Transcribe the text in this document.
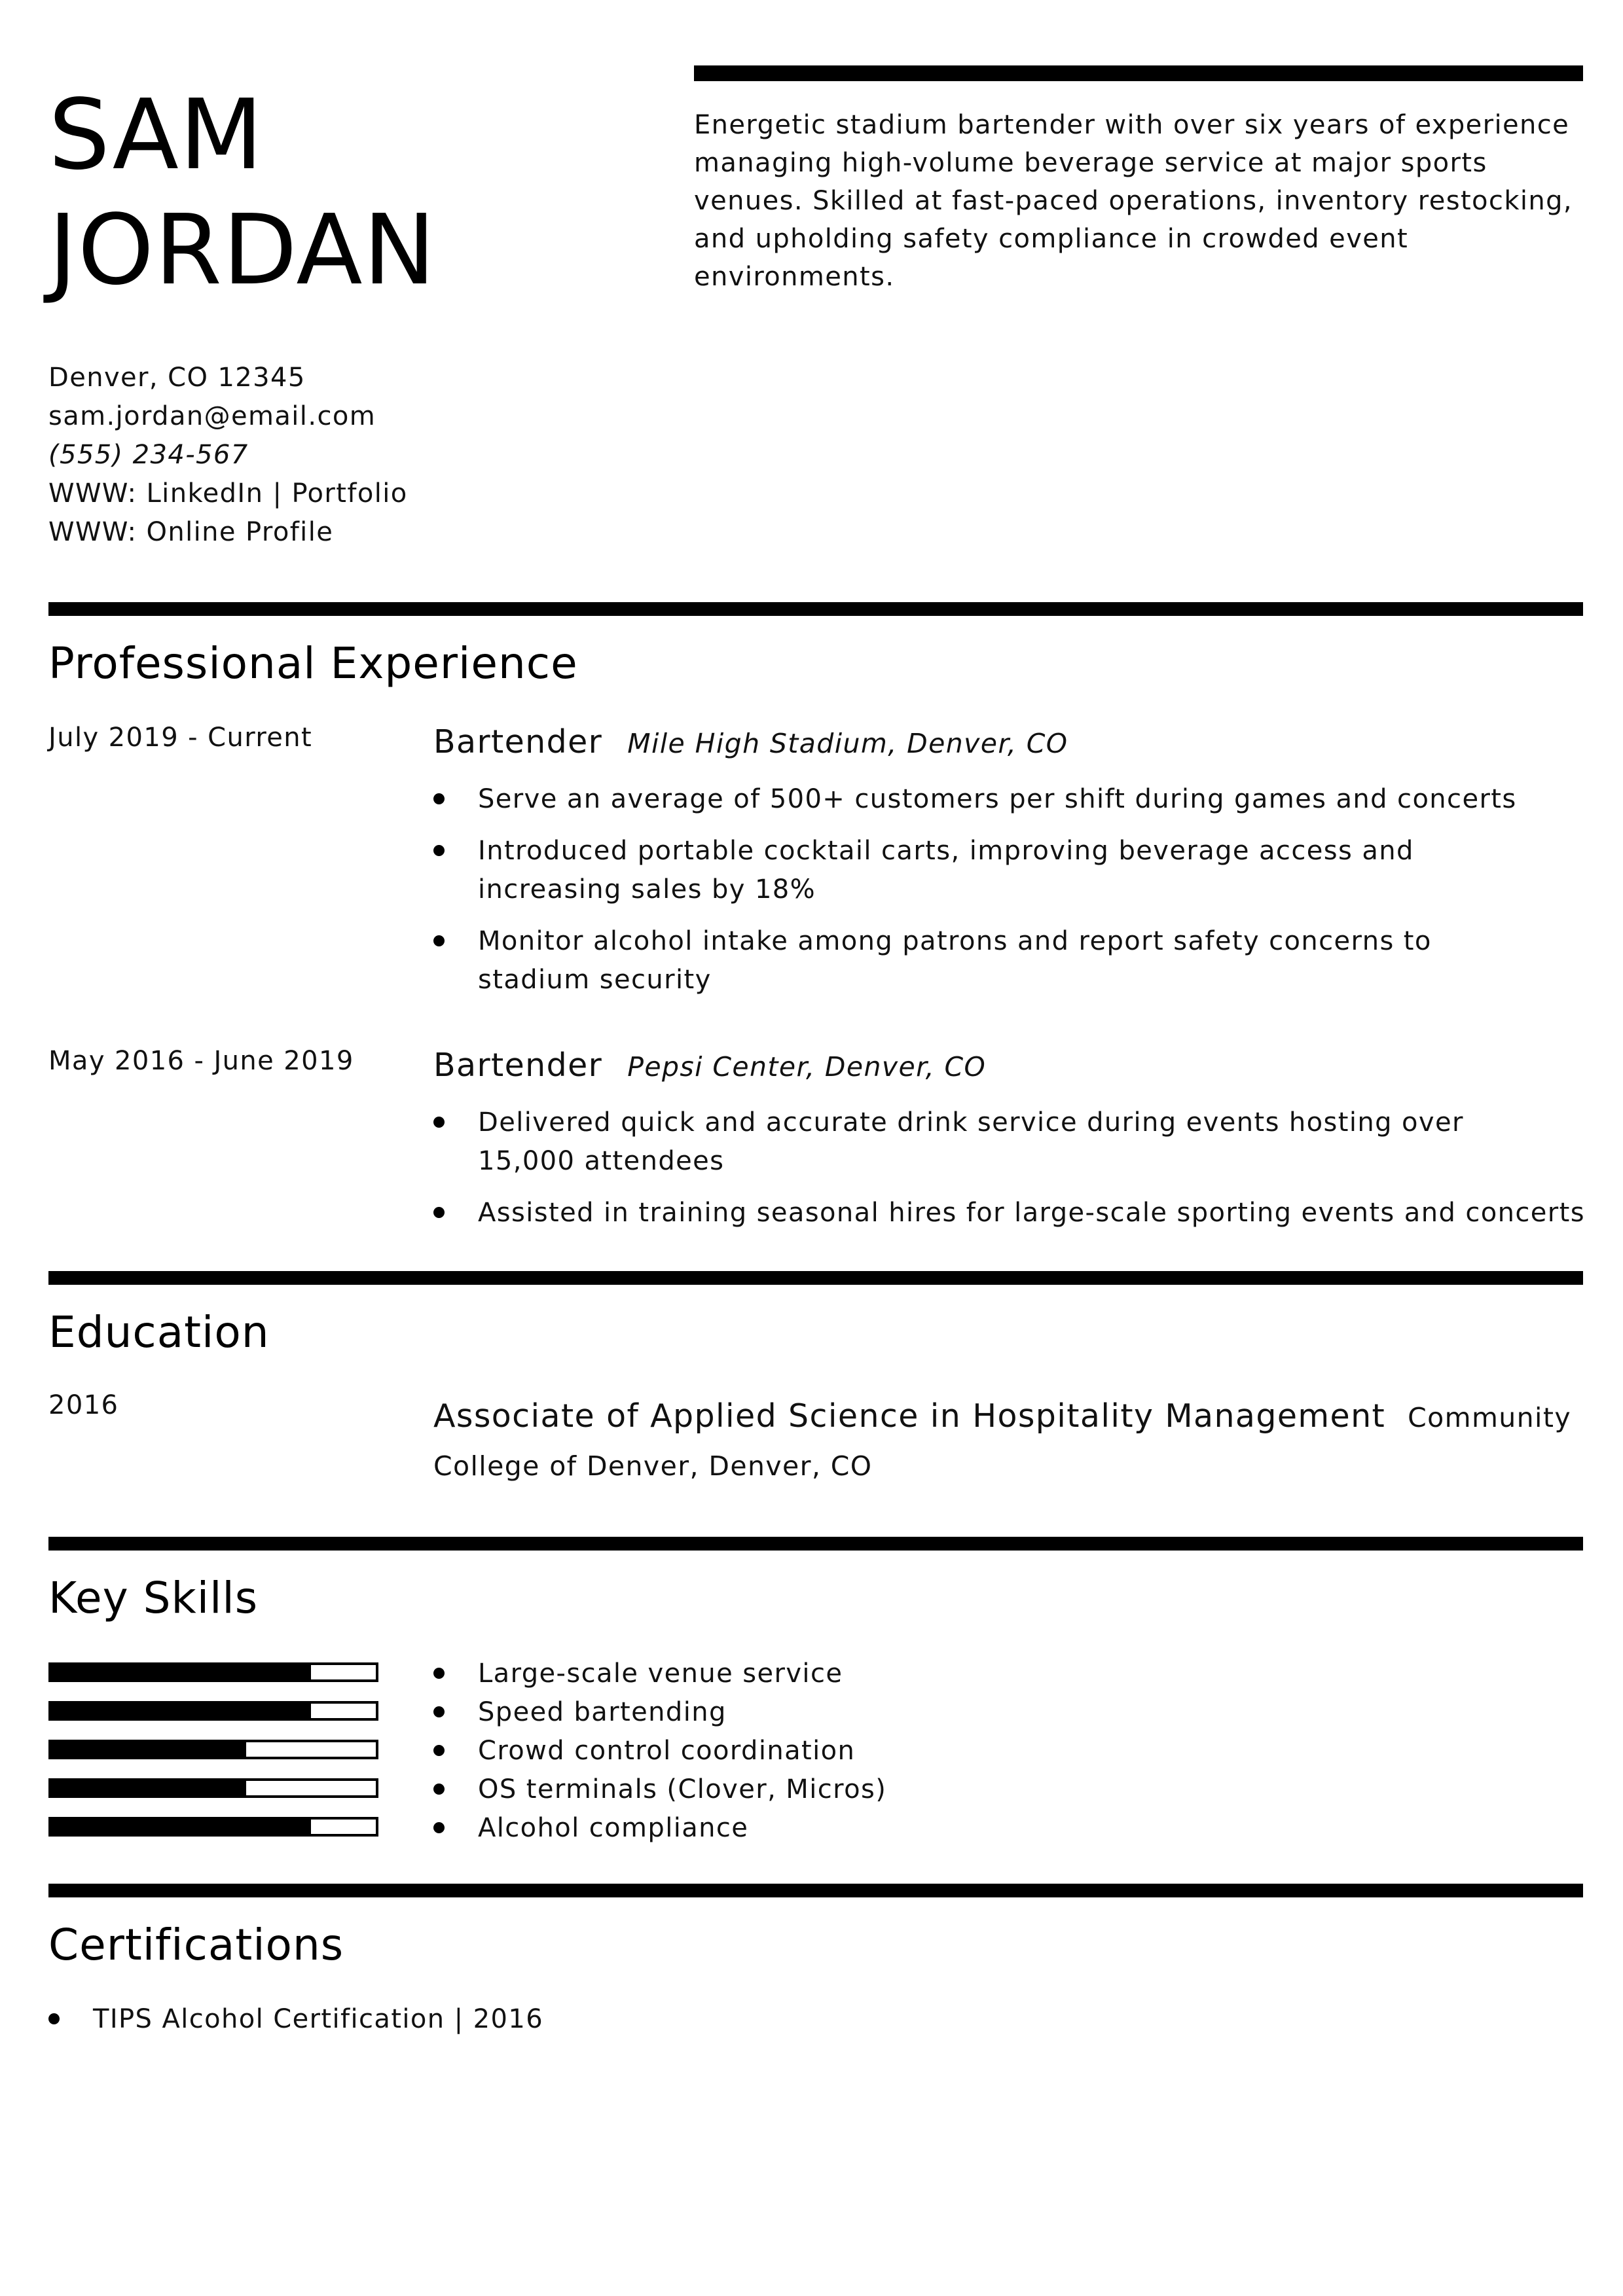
SAM
JORDAN
Energetic stadium bartender with over six years of experience managing high-volume beverage service at major sports venues. Skilled at fast-paced operations, inventory restocking, and upholding safety compliance in crowded event environments.
Denver, CO 12345
sam.jordan@email.com
(555) 234-567
WWW: LinkedIn | Portfolio
WWW: Online Profile
Professional Experience
July 2019 - Current	Bartender Mile High Stadium, Denver, CO
Serve an average of 500+ customers per shift during games and concerts
Introduced portable cocktail carts, improving beverage access and increasing sales by 18%
Monitor alcohol intake among patrons and report safety concerns to stadium security
May 2016 - June 2019 Bartender Pepsi Center, Denver, CO
Delivered quick and accurate drink service during events hosting over 15,000 attendees
Assisted in training seasonal hires for large-scale sporting events and concerts
Education
2016	Associate of Applied Science in Hospitality Management Community College of Denver, Denver, CO
Key Skills
Large-scale venue service
Speed bartending
Crowd control coordination
OS terminals (Clover, Micros)
Alcohol compliance
Certifications
TIPS Alcohol Certification | 2016
